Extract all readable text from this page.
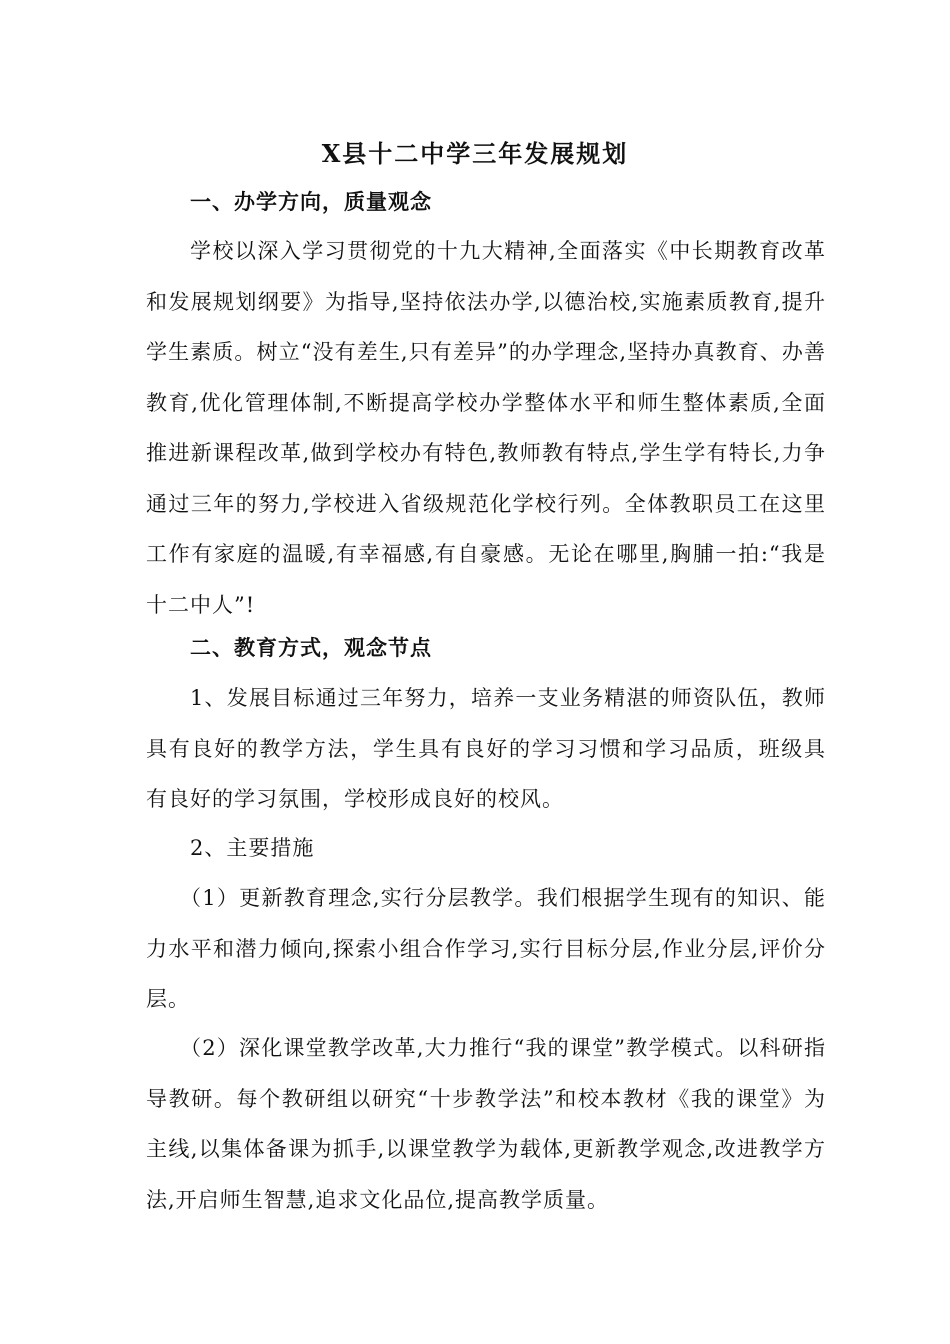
X县十二中学三年发展规划
一、办学方向，质量观念

学校以深入学习贯彻党的十九大精神,全面落实《中长期教育改革和发展规划纲要》为指导,坚持依法办学,以德治校,实施素质教育,提升学生素质。树立“没有差生,只有差异”的办学理念,坚持办真教育、办善教育,优化管理体制,不断提高学校办学整体水平和师生整体素质,全面推进新课程改革,做到学校办有特色,教师教有特点,学生学有特长,力争通过三年的努力,学校进入省级规范化学校行列。全体教职员工在这里工作有家庭的温暖,有幸福感,有自豪感。无论在哪里,胸脯一拍:“我是十二中人”!

二、教育方式，观念节点

1、发展目标通过三年努力，培养一支业务精湛的师资队伍，教师具有良好的教学方法，学生具有良好的学习习惯和学习品质，班级具有良好的学习氛围，学校形成良好的校风。

2、主要措施

（1）更新教育理念,实行分层教学。我们根据学生现有的知识、能力水平和潜力倾向,探索小组合作学习,实行目标分层,作业分层,评价分层。

（2）深化课堂教学改革,大力推行“我的课堂”教学模式。以科研指导教研。每个教研组以研究“十步教学法”和校本教材《我的课堂》为主线,以集体备课为抓手,以课堂教学为载体,更新教学观念,改进教学方法,开启师生智慧,追求文化品位,提高教学质量。
